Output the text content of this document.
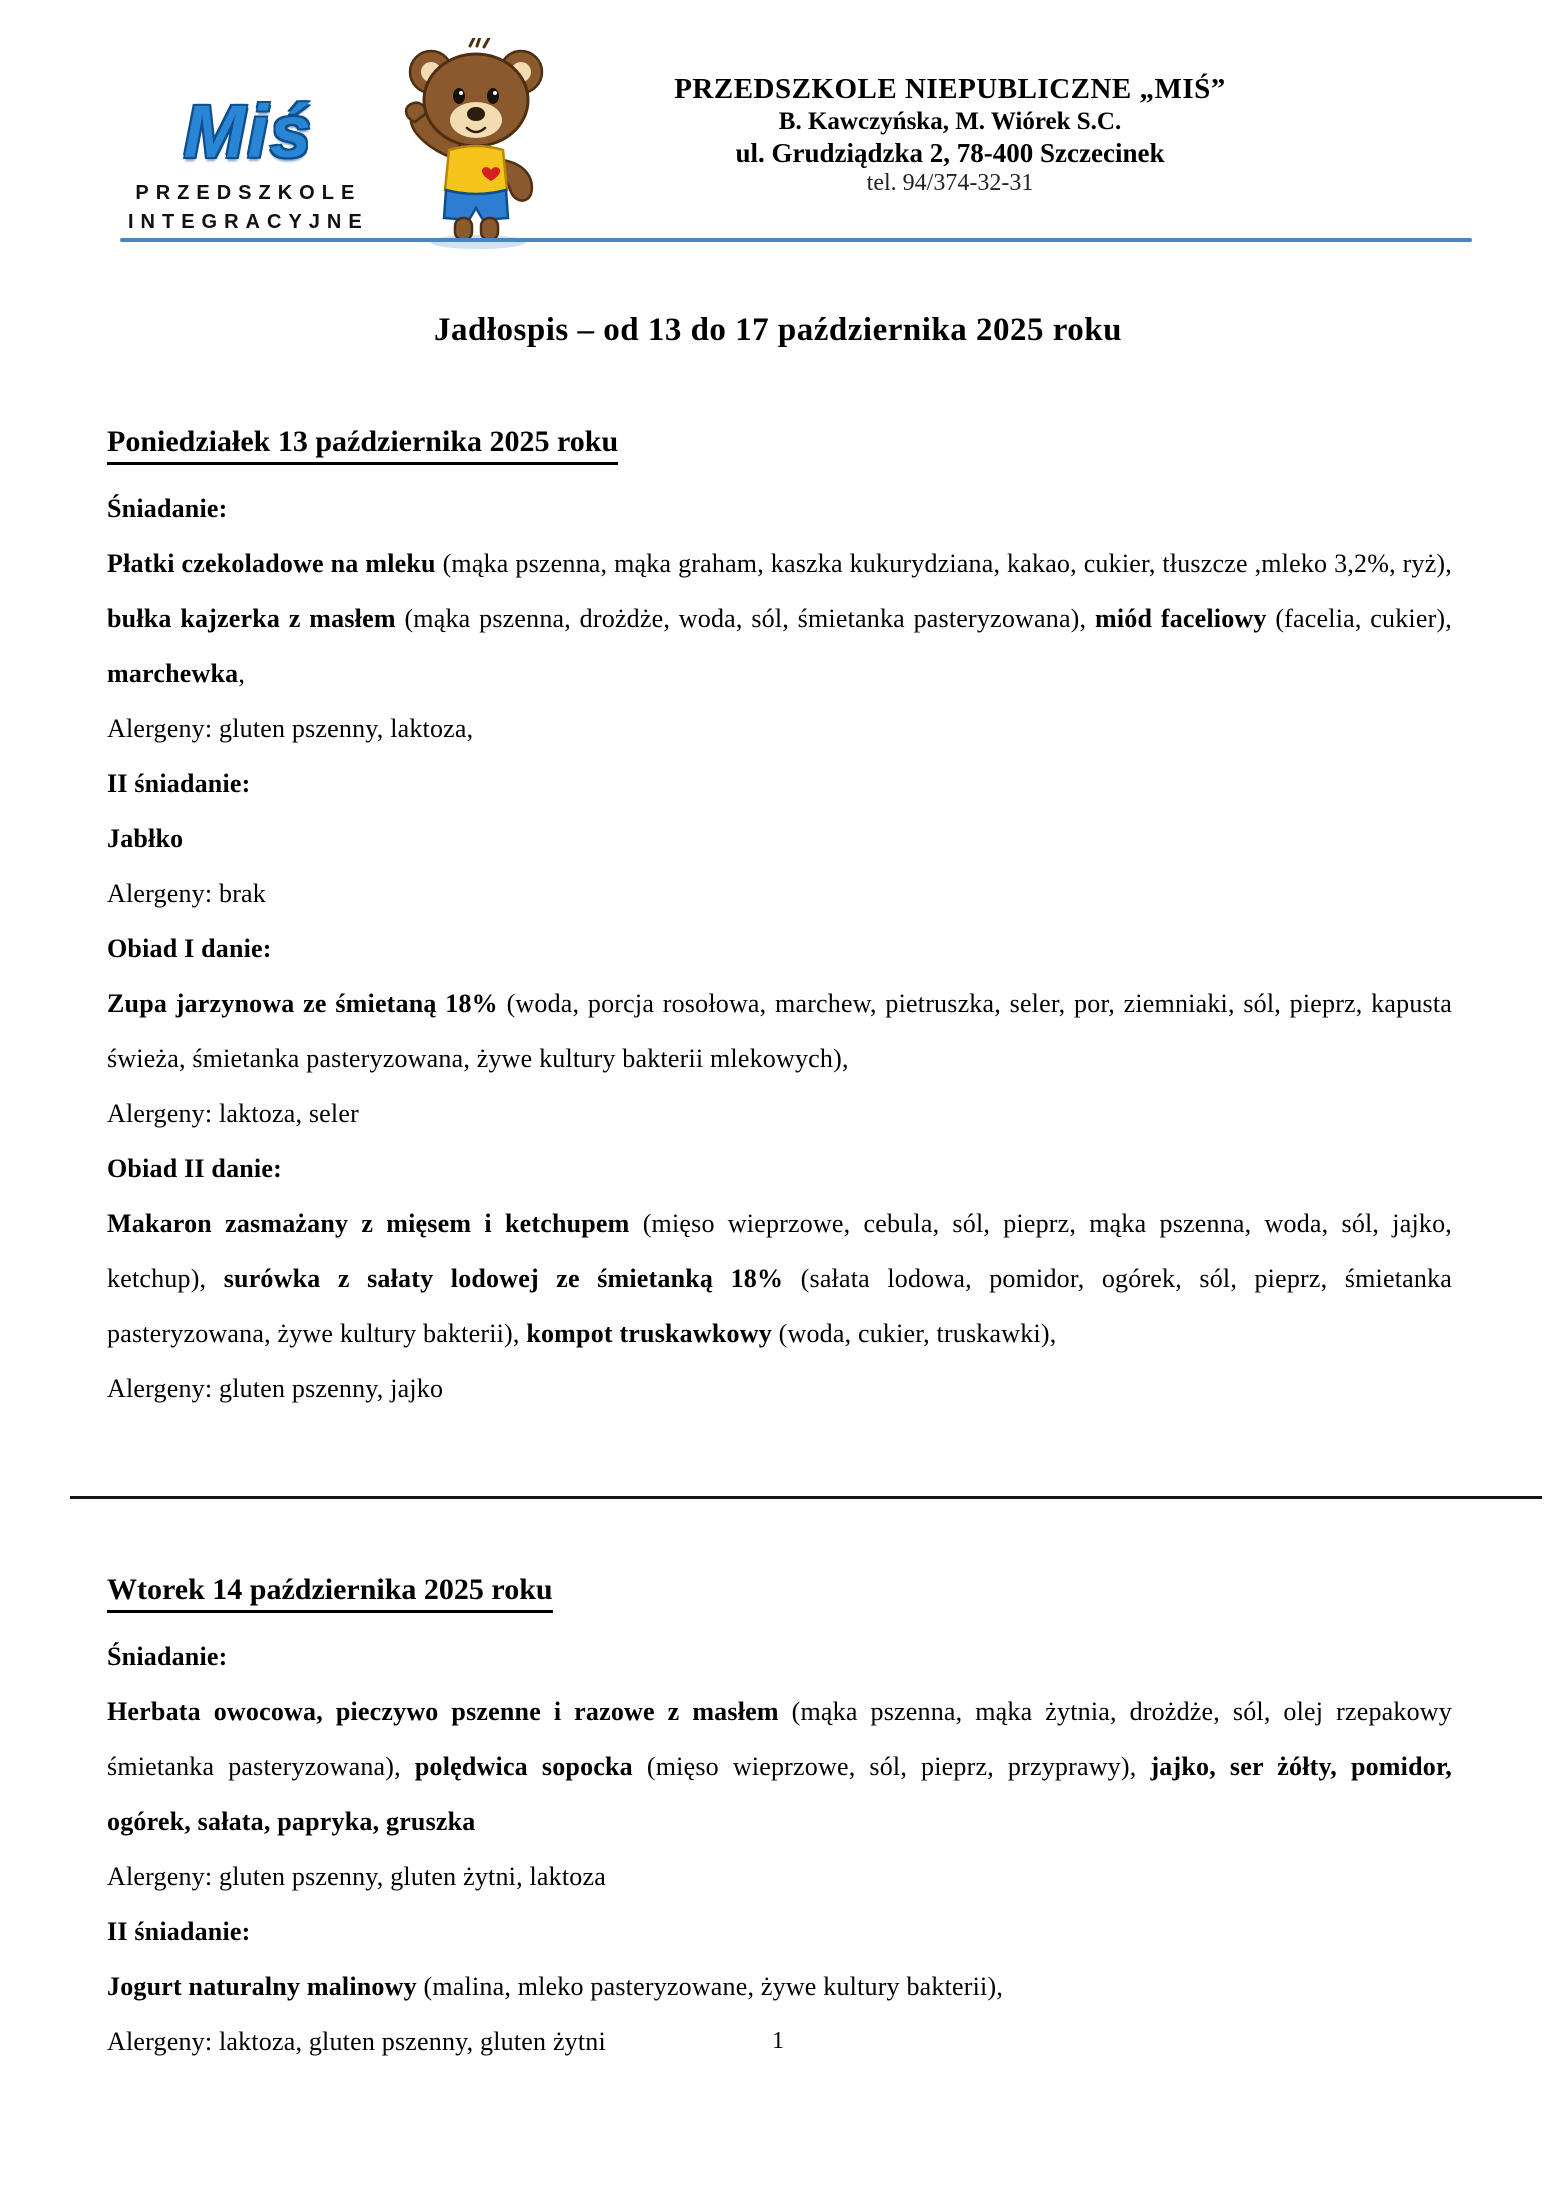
Miś
PRZEDSZKOLE
INTEGRACYJNE
PRZEDSZKOLE NIEPUBLICZNE „MIŚ”
B. Kawczyńska, M. Wiórek S.C.
ul. Grudziądzka 2, 78-400 Szczecinek
tel. 94/374-32-31
Jadłospis – od 13 do 17 października 2025 roku
Poniedziałek 13 października 2025 roku

Śniadanie:

Płatki czekoladowe na mleku (mąka pszenna, mąka graham, kaszka kukurydziana, kakao, cukier, tłuszcze ,mleko 3,2%, ryż), bułka kajzerka z masłem (mąka pszenna, drożdże, woda, sól, śmietanka pasteryzowana), miód faceliowy (facelia, cukier), marchewka,

Alergeny: gluten pszenny, laktoza,

II śniadanie:

Jabłko

Alergeny: brak

Obiad I danie:

Zupa jarzynowa ze śmietaną 18% (woda, porcja rosołowa, marchew, pietruszka, seler, por, ziemniaki, sól, pieprz, kapusta świeża, śmietanka pasteryzowana, żywe kultury bakterii mlekowych),

Alergeny: laktoza, seler

Obiad II danie:

Makaron zasmażany z mięsem i ketchupem (mięso wieprzowe, cebula, sól, pieprz, mąka pszenna, woda, sól, jajko, ketchup), surówka z sałaty lodowej ze śmietanką 18% (sałata lodowa, pomidor, ogórek, sól, pieprz, śmietanka pasteryzowana, żywe kultury bakterii), kompot truskawkowy (woda, cukier, truskawki),

Alergeny: gluten pszenny, jajko

Wtorek 14 października 2025 roku

Śniadanie:

Herbata owocowa, pieczywo pszenne i razowe z masłem (mąka pszenna, mąka żytnia, drożdże, sól, olej rzepakowy śmietanka pasteryzowana), polędwica sopocka (mięso wieprzowe, sól, pieprz, przyprawy), jajko, ser żółty, pomidor, ogórek, sałata, papryka, gruszka

Alergeny: gluten pszenny, gluten żytni, laktoza

II śniadanie:

Jogurt naturalny malinowy (malina, mleko pasteryzowane, żywe kultury bakterii),

Alergeny: laktoza, gluten pszenny, gluten żytni	1
